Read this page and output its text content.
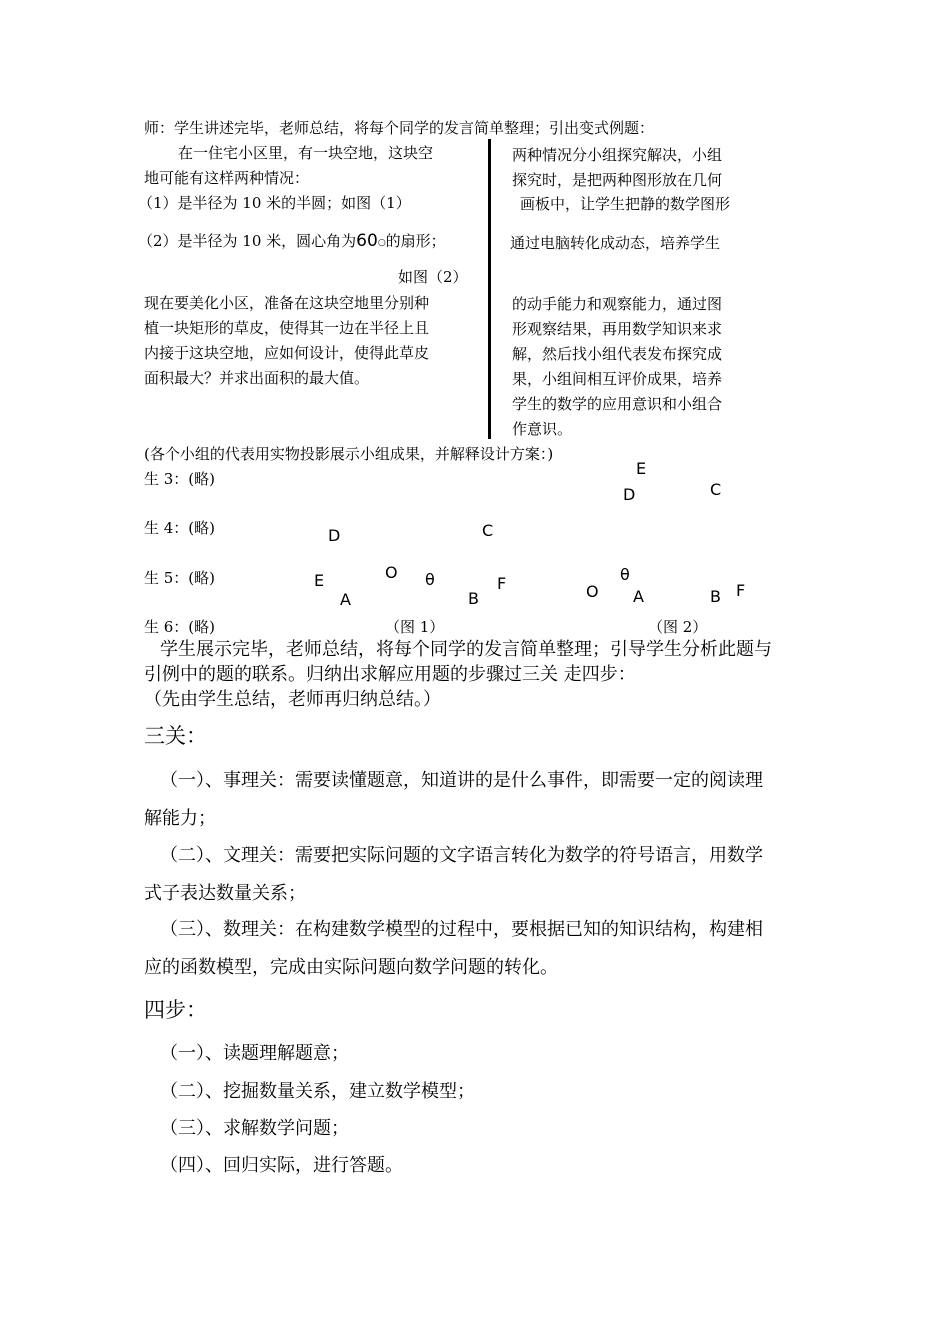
师：学生讲述完毕，老师总结，将每个同学的发言简单整理；引出变式例题：
在一住宅小区里，有一块空地，这块空
地可能有这样两种情况：
（1）是半径为 10 米的半圆；如图（1）
（2）是半径为 10 米，圆心角为60○的扇形；
如图（2）
现在要美化小区，准备在这块空地里分别种
植一块矩形的草皮，使得其一边在半径上且
内接于这块空地，应如何设计，使得此草皮
面积最大？并求出面积的最大值。
两种情况分小组探究解决，小组
探究时，是把两种图形放在几何
画板中，让学生把静的数学图形
通过电脑转化成动态，培养学生
的动手能力和观察能力，通过图
形观察结果，再用数学知识来求
解，然后找小组代表发布探究成
果，小组间相互评价成果，培养
学生的数学的应用意识和小组合
作意识。
(各个小组的代表用实物投影展示小组成果，并解释设计方案：)
生 3：(略)
生 4：(略)
生 5：(略)
生 6：(略)
D	C
O θ
E
A	B
F
（图 1）
E
D	C
O
θ
A	B F
（图 2）
学生展示完毕，老师总结，将每个同学的发言简单整理；引导学生分析此题与
引例中的题的联系。归纳出求解应用题的步骤过三关 走四步：
（先由学生总结，老师再归纳总结。）
三关：
（一）、事理关：需要读懂题意，知道讲的是什么事件，即需要一定的阅读理
解能力；
（二）、文理关：需要把实际问题的文字语言转化为数学的符号语言，用数学
式子表达数量关系；
（三）、数理关：在构建数学模型的过程中，要根据已知的知识结构，构建相
应的函数模型，完成由实际问题向数学问题的转化。
四步：
（一）、读题理解题意；
（二）、挖掘数量关系，建立数学模型；
（三）、求解数学问题；
（四）、回归实际，进行答题。
